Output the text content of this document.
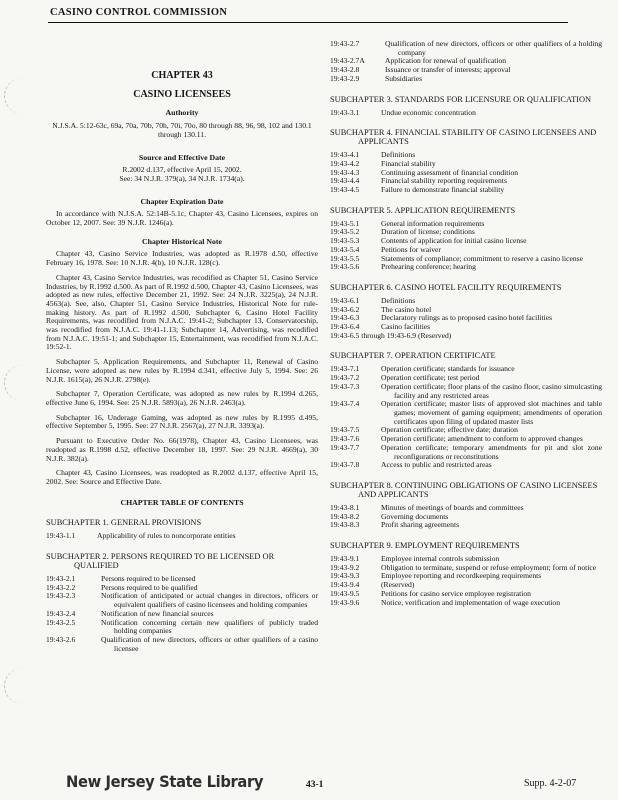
CASINO CONTROL COMMISSION
CHAPTER 43
CASINO LICENSEES
Authority
N.J.S.A. 5:12-63c, 69a, 70a, 70b, 70h, 70i, 70o, 80 through 88, 96, 98, 102 and 130.1 through 130.11.
Source and Effective Date
R.2002 d.137, effective April 15, 2002.
See: 34 N.J.R. 379(a), 34 N.J.R. 1734(a).
Chapter Expiration Date

In accordance with N.J.S.A. 52:14B-5.1c, Chapter 43, Casino Licensees, expires on October 12, 2007. See: 39 N.J.R. 1246(a).

Chapter Historical Note

Chapter 43, Casino Service Industries, was adopted as R.1978 d.50, effective February 16, 1978. See: 10 N.J.R. 4(b), 10 N.J.R. 128(c).

Chapter 43, Casino Service Industries, was recodified as Chapter 51, Casino Service Industries, by R.1992 d.500. As part of R.1992 d.500, Chapter 43, Casino Licensees, was adopted as new rules, effective December 21, 1992. See: 24 N.J.R. 3225(a), 24 N.J.R. 4563(a). See, also, Chapter 51, Casino Service Industries, Historical Note for rule-making history. As part of R.1992 d.500, Subchapter 6, Casino Hotel Facility Requirements, was recodified from N.J.A.C. 19:41-2; Subchapter 13, Conservatorship, was recodified from N.J.A.C. 19:41-1.13; Subchapter 14, Advertising, was recodified from N.J.A.C. 19:51-1; and Subchapter 15, Entertainment, was recodified from N.J.A.C. 19:52-1.

Subchapter 5, Application Requirements, and Subchapter 11, Renewal of Casino License, were adopted as new rules by R.1994 d.341, effective July 5, 1994. See: 26 N.J.R. 1615(a), 26 N.J.R. 2798(e).

Subchapter 7, Operation Certificate, was adopted as new rules by R.1994 d.265, effective June 6, 1994. See: 25 N.J.R. 5893(a), 26 N.J.R. 2463(a).

Subchapter 16, Underage Gaming, was adopted as new rules by R.1995 d.495, effective September 5, 1995. See: 27 N.J.R. 2567(a), 27 N.J.R. 3393(a).

Pursuant to Executive Order No. 66(1978), Chapter 43, Casino Licensees, was readopted as R.1998 d.52, effective December 18, 1997. See: 29 N.J.R. 4669(a), 30 N.J.R. 382(a).

Chapter 43, Casino Licensees, was readopted as R.2002 d.137, effective April 15, 2002. See: Source and Effective Date.

CHAPTER TABLE OF CONTENTS
SUBCHAPTER 1. GENERAL PROVISIONS
19:43-1.1	Applicability of rules to noncorporate entities
SUBCHAPTER 2. PERSONS REQUIRED TO BE LICENSED OR QUALIFIED
19:43-2.1	Persons required to be licensed
19:43-2.2	Persons required to be qualified
19:43-2.3	Notification of anticipated or actual changes in directors, officers or equivalent qualifiers of casino licensees and holding companies
19:43-2.4	Notification of new financial sources
19:43-2.5	Notification concerning certain new qualifiers of publicly traded holding companies
19:43-2.6	Qualification of new directors, officers or other qualifiers of a casino licensee
19:43-2.7	Qualification of new directors, officers or other qualifiers of a holding company
19:43-2.7A	Application for renewal of qualification
19:43-2.8	Issuance or transfer of interests; approval
19:43-2.9	Subsidiaries
SUBCHAPTER 3. STANDARDS FOR LICENSURE OR QUALIFICATION
19:43-3.1	Undue economic concentration
SUBCHAPTER 4. FINANCIAL STABILITY OF CASINO LICENSEES AND APPLICANTS
19:43-4.1	Definitions
19:43-4.2	Financial stability
19:43-4.3	Continuing assessment of financial condition
19:43-4.4	Financial stability reporting requirements
19:43-4.5	Failure to demonstrate financial stability
SUBCHAPTER 5. APPLICATION REQUIREMENTS
19:43-5.1	General information requirements
19:43-5.2	Duration of license; conditions
19:43-5.3	Contents of application for initial casino license
19:43-5.4	Petitions for waiver
19:43-5.5	Statements of compliance; commitment to reserve a casino license
19:43-5.6	Prehearing conference; hearing
SUBCHAPTER 6. CASINO HOTEL FACILITY REQUIREMENTS
19:43-6.1	Definitions
19:43-6.2	The casino hotel
19:43-6.3	Declaratory rulings as to proposed casino hotel facilities
19:43-6.4	Casino facilities
19:43-6.5 through 19:43-6.9 (Reserved)
SUBCHAPTER 7. OPERATION CERTIFICATE
19:43-7.1	Operation certificate; standards for issuance
19:43-7.2	Operation certificate; test period
19:43-7.3	Operation certificate; floor plans of the casino floor, casino simulcasting facility and any restricted areas
19:43-7.4	Operation certificate; master lists of approved slot machines and table games; movement of gaming equipment; amendments of operation certificates upon filing of updated master lists
19:43-7.5	Operation certificate; effective date; duration
19:43-7.6	Operation certificate; amendment to conform to approved changes
19:43-7.7	Operation certificate; temporary amendments for pit and slot zone reconfigurations or reconstitutions
19:43-7.8	Access to public and restricted areas
SUBCHAPTER 8. CONTINUING OBLIGATIONS OF CASINO LICENSEES AND APPLICANTS
19:43-8.1	Minutes of meetings of boards and committees
19:43-8.2	Governing documents
19:43-8.3	Profit sharing agreements
SUBCHAPTER 9. EMPLOYMENT REQUIREMENTS
19:43-9.1	Employee internal controls submission
19:43-9.2	Obligation to terminate, suspend or refuse employment; form of notice
19:43-9.3	Employee reporting and recordkeeping requirements
19:43-9.4	(Reserved)
19:43-9.5	Petitions for casino service employee registration
19:43-9.6	Notice, verification and implementation of wage execution
New Jersey State Library	43-1	Supp. 4-2-07
